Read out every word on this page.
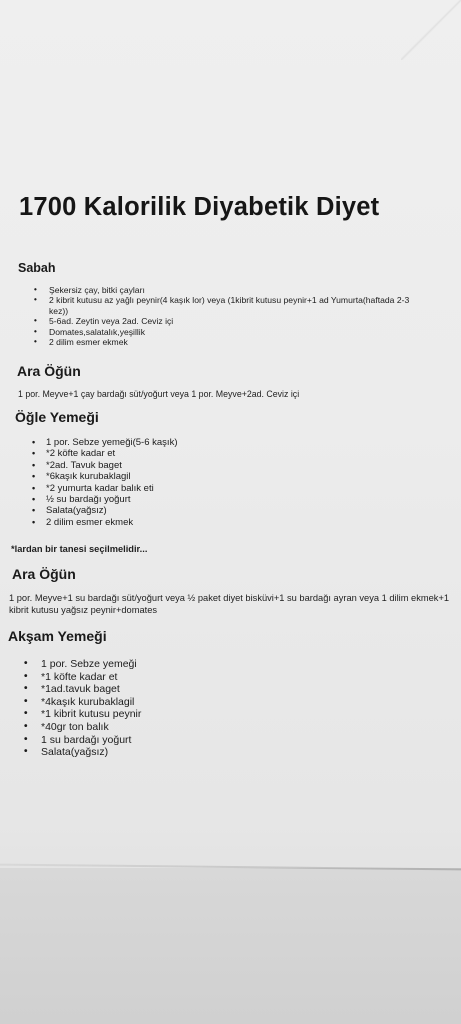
1700 Kalorilik Diyabetik Diyet
Sabah
• Şekersiz çay, bitki çayları
• 2 kibrit kutusu az yağlı peynir(4 kaşık lor) veya (1kibrit kutusu peynir+1 ad Yumurta(haftada 2-3 kez))
• 5-6ad. Zeytin veya 2ad. Ceviz içi
• Domates,salatalık,yeşillik
• 2 dilim esmer ekmek
Ara Öğün
1 por. Meyve+1 çay bardağı süt/yoğurt veya 1 por. Meyve+2ad. Ceviz içi
Öğle Yemeği
• 1 por. Sebze yemeği(5-6 kaşık)
• *2 köfte kadar et
• *2ad. Tavuk baget
• *6kaşık kurubaklagil
• *2 yumurta kadar balık eti
• ½ su bardağı yoğurt
• Salata(yağsız)
• 2 dilim esmer ekmek
*lardan bir tanesi seçilmelidir...
Ara Öğün
1 por. Meyve+1 su bardağı süt/yoğurt veya ½ paket diyet bisküvi+1 su bardağı ayran veya 1 dilim ekmek+1 kibrit kutusu yağsız peynir+domates
Akşam Yemeği
• 1 por. Sebze yemeği
• *1 köfte kadar et
• *1ad.tavuk baget
• *4kaşık kurubaklagil
• *1 kibrit kutusu peynir
• *40gr ton balık
• 1 su bardağı yoğurt
• Salata(yağsız)
